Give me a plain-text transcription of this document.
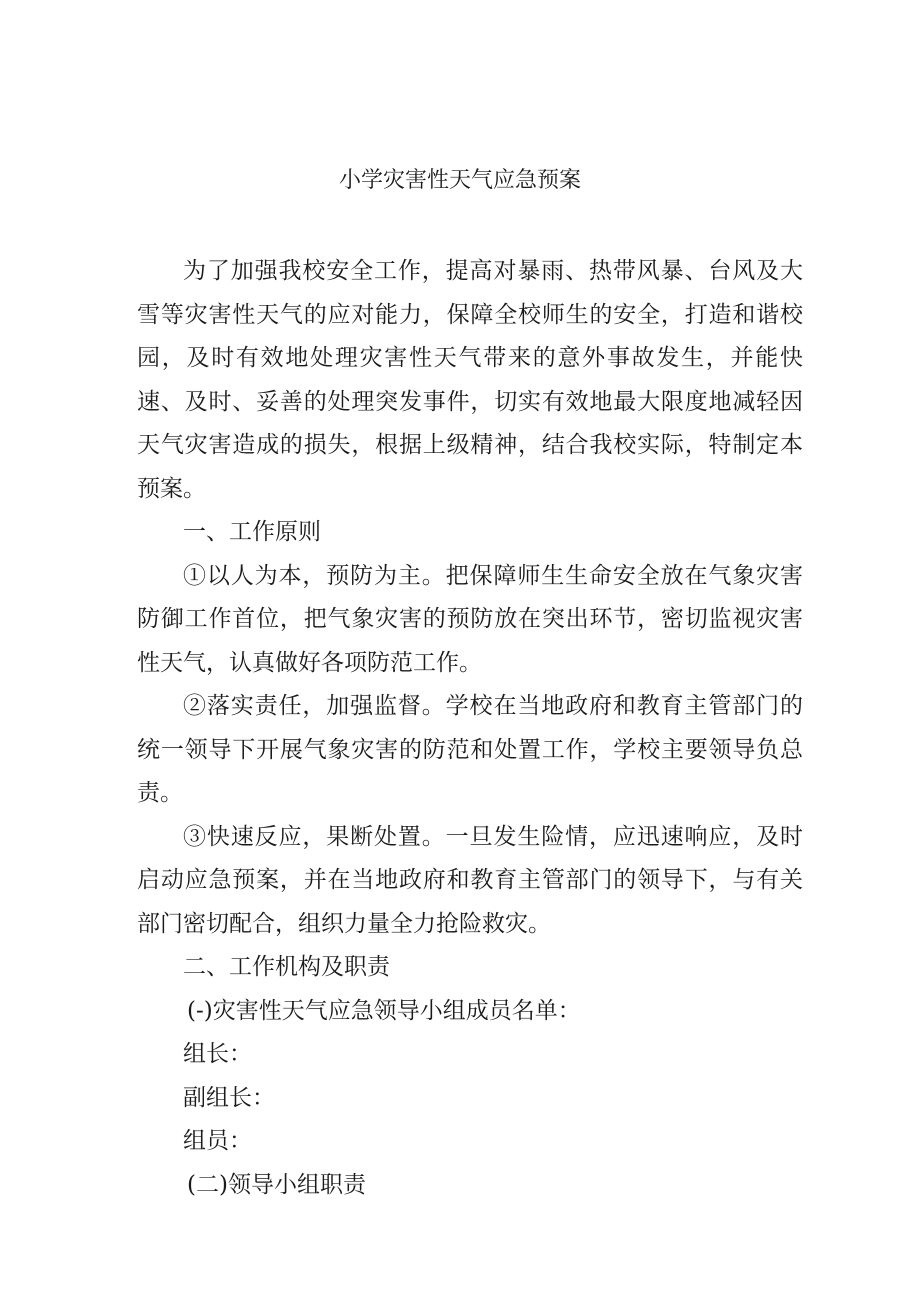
小学灾害性天气应急预案

为了加强我校安全工作，提高对暴雨、热带风暴、台风及大雪等灾害性天气的应对能力，保障全校师生的安全，打造和谐校园，及时有效地处理灾害性天气带来的意外事故发生，并能快速、及时、妥善的处理突发事件，切实有效地最大限度地减轻因天气灾害造成的损失，根据上级精神，结合我校实际，特制定本预案。

一、工作原则

①以人为本，预防为主。把保障师生生命安全放在气象灾害防御工作首位，把气象灾害的预防放在突出环节，密切监视灾害性天气，认真做好各项防范工作。

②落实责任，加强监督。学校在当地政府和教育主管部门的统一领导下开展气象灾害的防范和处置工作，学校主要领导负总责。

③快速反应，果断处置。一旦发生险情，应迅速响应，及时启动应急预案，并在当地政府和教育主管部门的领导下，与有关部门密切配合，组织力量全力抢险救灾。

二、工作机构及职责

(-)灾害性天气应急领导小组成员名单：

组长：

副组长：

组员：

(二)领导小组职责
